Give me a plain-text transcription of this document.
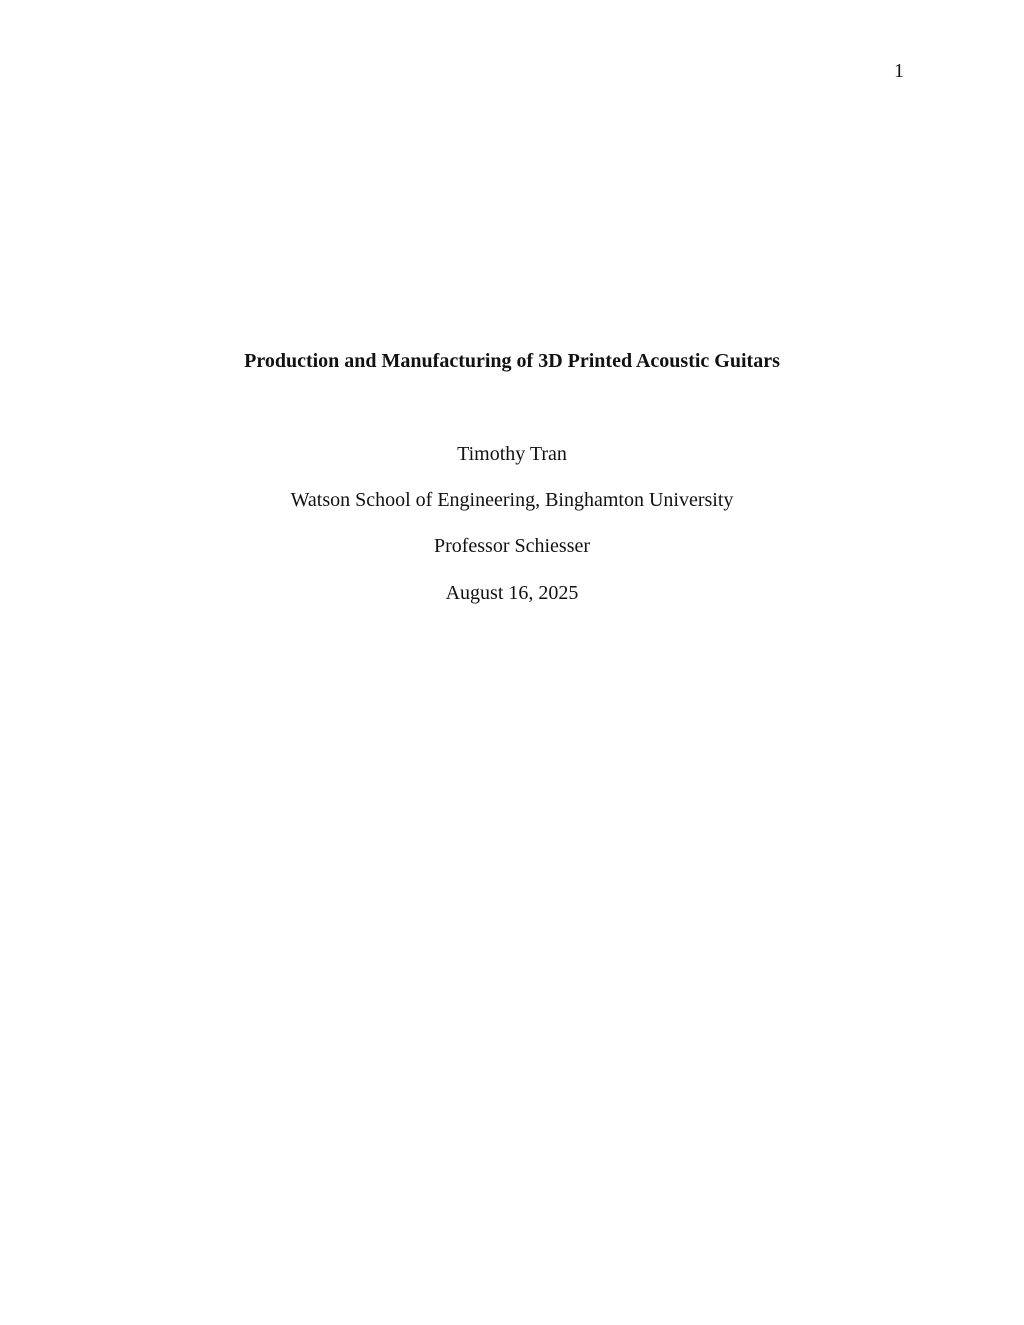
1
Production and Manufacturing of 3D Printed Acoustic Guitars
Timothy Tran
Watson School of Engineering, Binghamton University
Professor Schiesser
August 16, 2025
